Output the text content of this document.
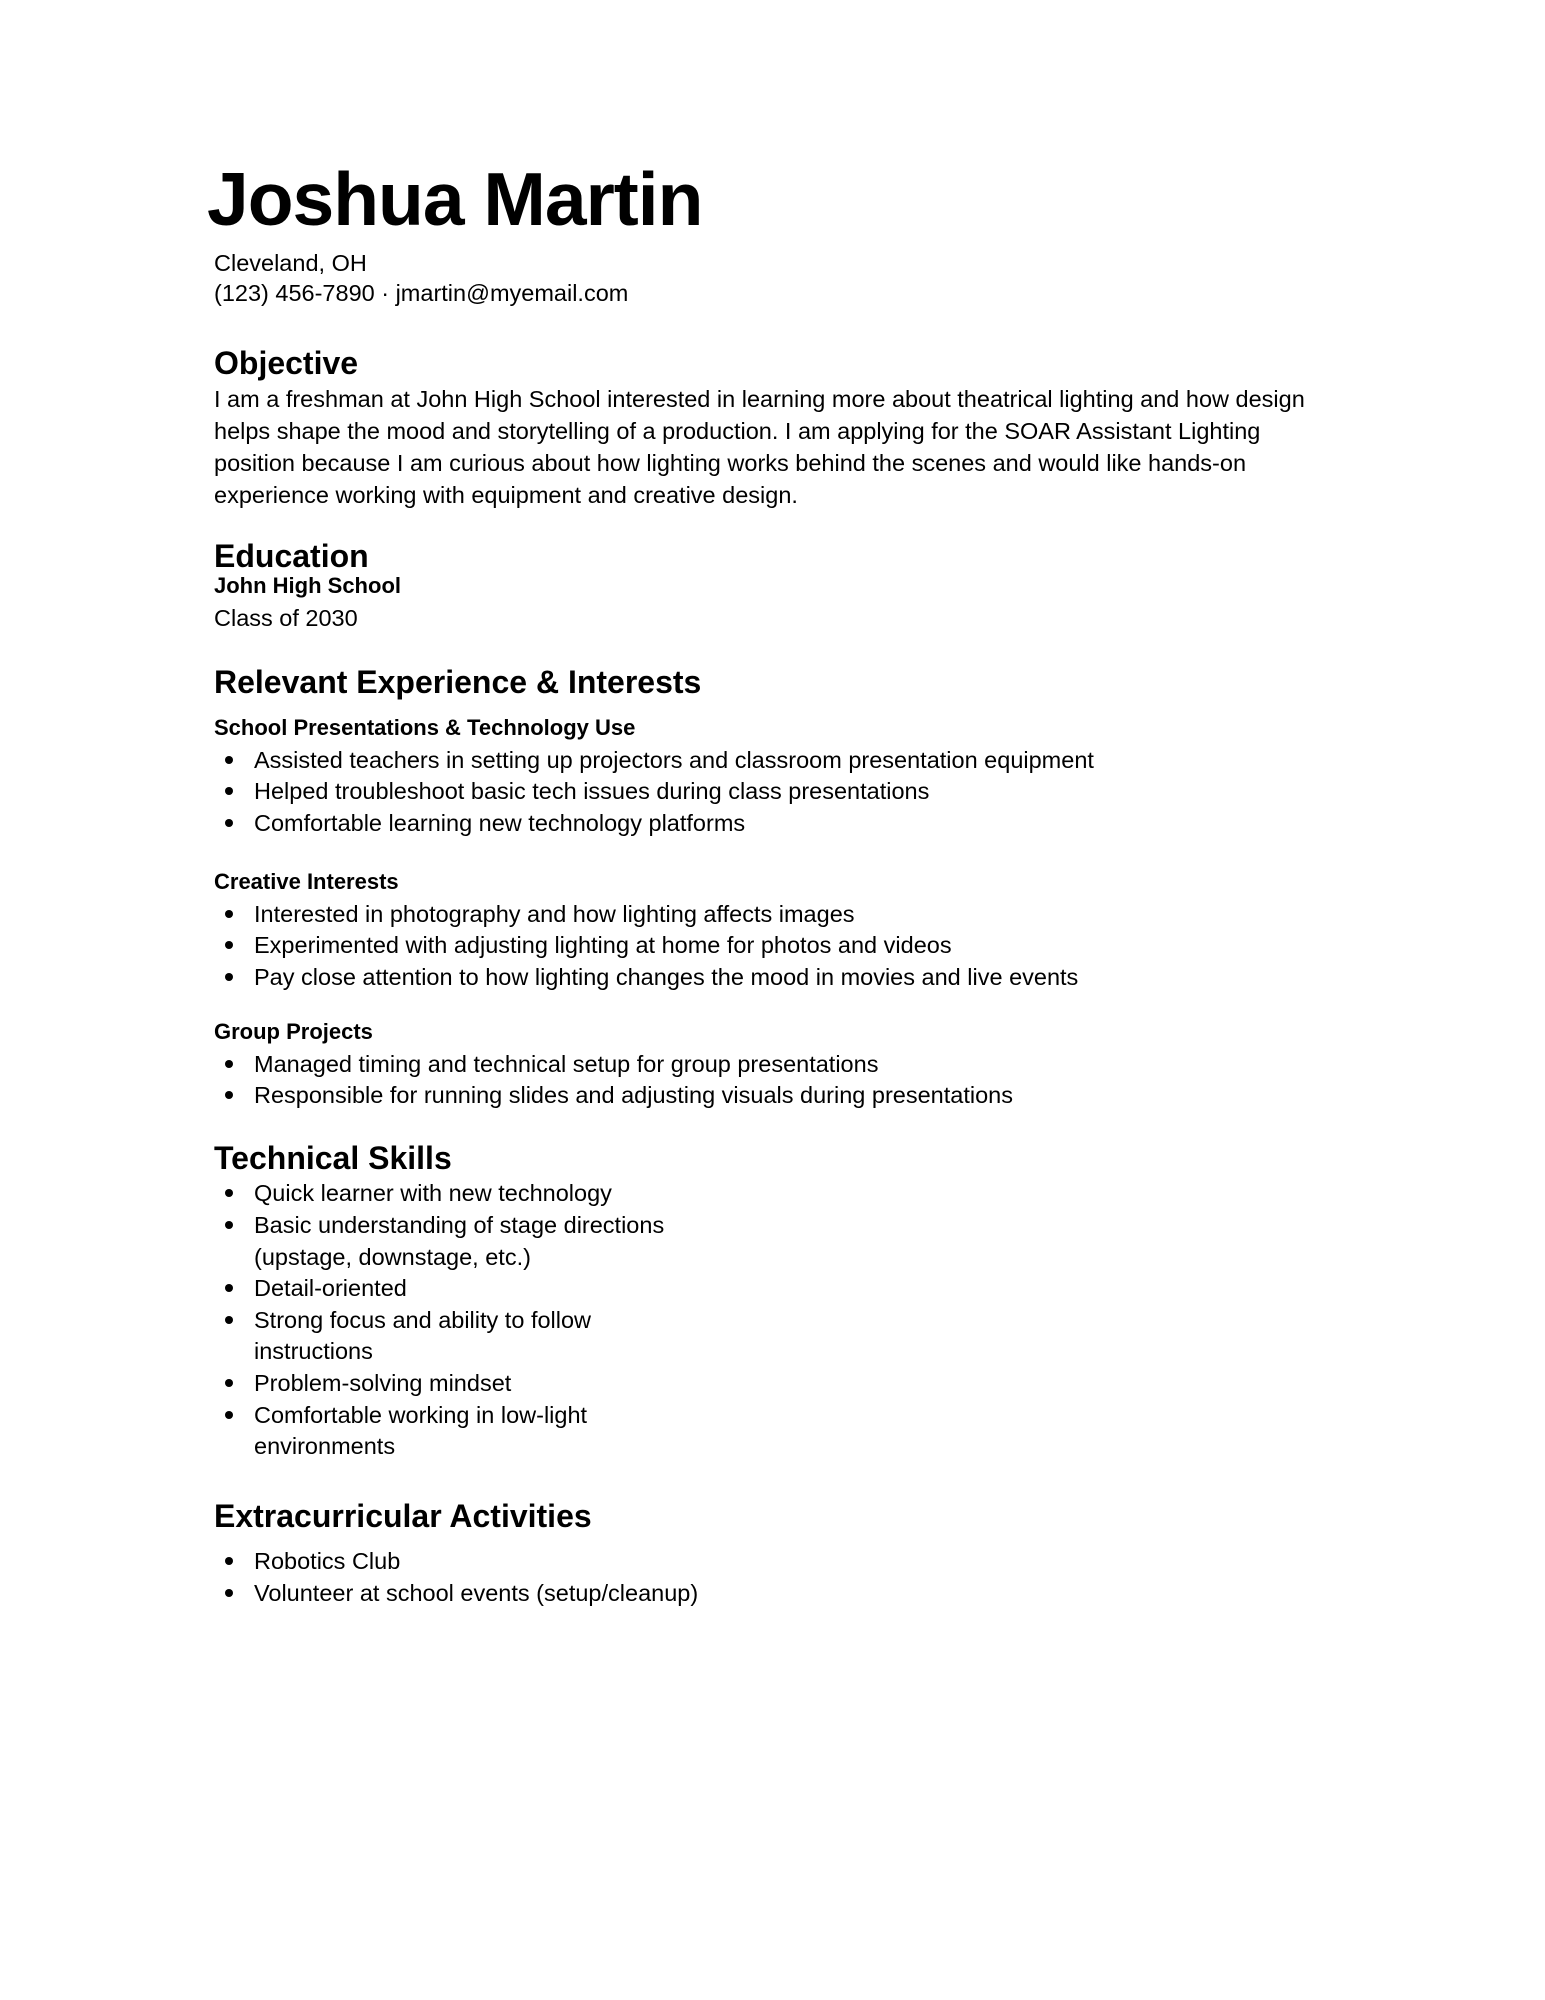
Joshua Martin
Cleveland, OH
(123) 456-7890 · jmartin@myemail.com
Objective

I am a freshman at John High School interested in learning more about theatrical lighting and how design helps shape the mood and storytelling of a production. I am applying for the SOAR Assistant Lighting position because I am curious about how lighting works behind the scenes and would like hands-on experience working with equipment and creative design.

Education
John High School
Class of 2030
Relevant Experience & Interests
School Presentations & Technology Use
Assisted teachers in setting up projectors and classroom presentation equipment
Helped troubleshoot basic tech issues during class presentations
Comfortable learning new technology platforms
Creative Interests
Interested in photography and how lighting affects images
Experimented with adjusting lighting at home for photos and videos
Pay close attention to how lighting changes the mood in movies and live events
Group Projects
Managed timing and technical setup for group presentations
Responsible for running slides and adjusting visuals during presentations
Technical Skills
Quick learner with new technology
Basic understanding of stage directions (upstage, downstage, etc.)
Detail-oriented
Strong focus and ability to follow instructions
Problem-solving mindset
Comfortable working in low-light environments
Extracurricular Activities
Robotics Club
Volunteer at school events (setup/cleanup)
